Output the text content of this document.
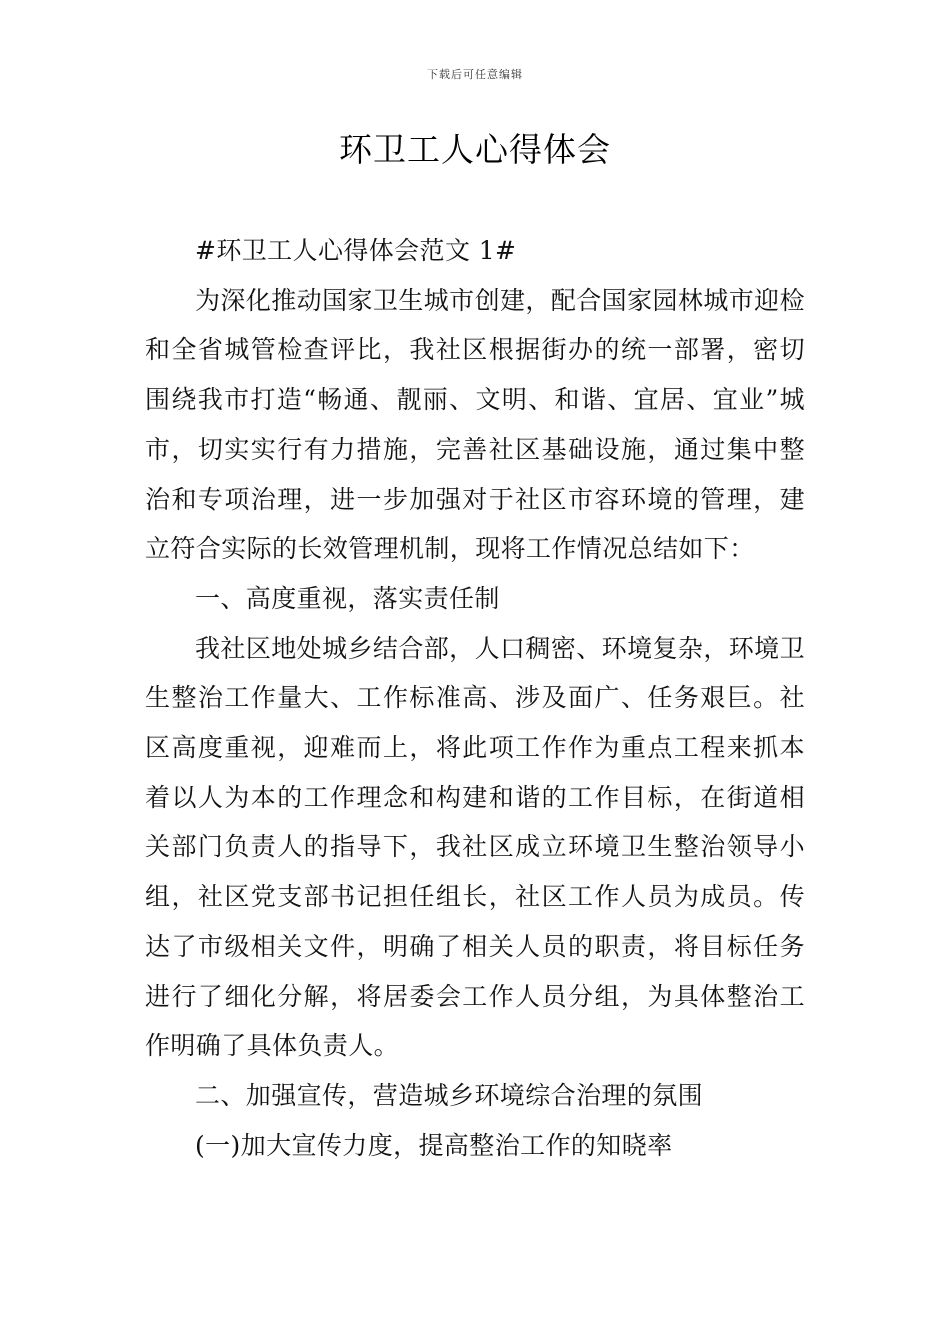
下载后可任意编辑
环卫工人心得体会

#环卫工人心得体会范文 1#

为深化推动国家卫生城市创建，配合国家园林城市迎检和全省城管检查评比，我社区根据街办的统一部署，密切围绕我市打造“畅通、靓丽、文明、和谐、宜居、宜业”城市，切实实行有力措施，完善社区基础设施，通过集中整治和专项治理，进一步加强对于社区市容环境的管理，建立符合实际的长效管理机制，现将工作情况总结如下：

一、高度重视，落实责任制

我社区地处城乡结合部，人口稠密、环境复杂，环境卫生整治工作量大、工作标准高、涉及面广、任务艰巨。社区高度重视，迎难而上，将此项工作作为重点工程来抓本着以人为本的工作理念和构建和谐的工作目标，在街道相关部门负责人的指导下，我社区成立环境卫生整治领导小组，社区党支部书记担任组长，社区工作人员为成员。传达了市级相关文件，明确了相关人员的职责，将目标任务进行了细化分解，将居委会工作人员分组，为具体整治工作明确了具体负责人。

二、加强宣传，营造城乡环境综合治理的氛围

(一)加大宣传力度，提高整治工作的知晓率
